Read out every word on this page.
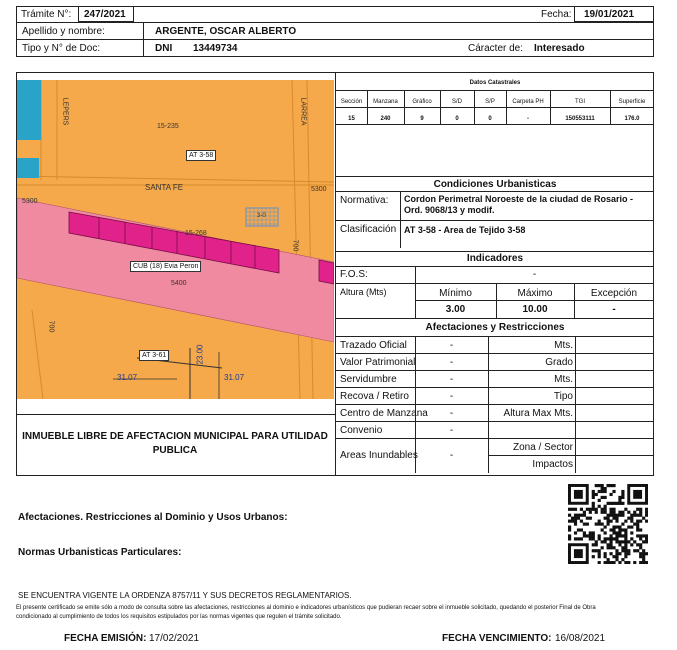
Trámite N°: 247/2021	Fecha: 19/01/2021
Apellido y nombre:	ARGENTE, OSCAR ALBERTO
Tipo y N° de Doc:	DNI 13449734	Cáracter de: Interesado
LEPERS	LARREA
15-235
AT 3-58
SANTA FE	5300
5300
15-268
3-0
700
CUB (18) Evia Peron
5400
700
AT 3-61	23.00
31.07	31.07
Datos Catastrales
Sección	Manzana	Gráfico	S/D	S/P	Carpeta PH	TGI	Superficie
15	240	9	0	0	-	150553111	176.0
Condiciones Urbanisticas
Normativa: Cordon Perimetral Noroeste de la ciudad de Rosario - Ord. 9068/13 y modif.
Clasificación AT 3-58 - Area de Tejido 3-58
Indicadores
F.O.S:	-
Altura (Mts)	Mínimo	Máximo	Excepción
3.00	10.00	-
Afectaciones y Restricciones
Trazado Oficial	-	Mts.
Valor Patrimonial	-	Grado
Servidumbre	-	Mts.
Recova / Retiro	-	Tipo
Centro de Manzana	-	Altura Max Mts.
Convenio	-
Areas Inundables	-
Zona / Sector
Impactos
INMUEBLE LIBRE DE AFECTACION MUNICIPAL PARA UTILIDAD PUBLICA
Afectaciones. Restricciones al Dominio y Usos Urbanos:
Normas Urbanisticas Particulares:
SE ENCUENTRA VIGENTE LA ORDENZA 8757/11 Y SUS DECRETOS REGLAMENTARIOS.
El presente certificado se emite sólo a modo de consulta sobre las afectaciones, restricciones al dominio e indicadores urbanísticos que pudieran recaer sobre el inmueble solicitado, quedando el posterior Final de Obra
condicionado al cumplimiento de todos los requisitos estipulados por las normas vigentes que regulen el trámite solicitado.
FECHA EMISIÓN: 17/02/2021	FECHA VENCIMIENTO: 16/08/2021
